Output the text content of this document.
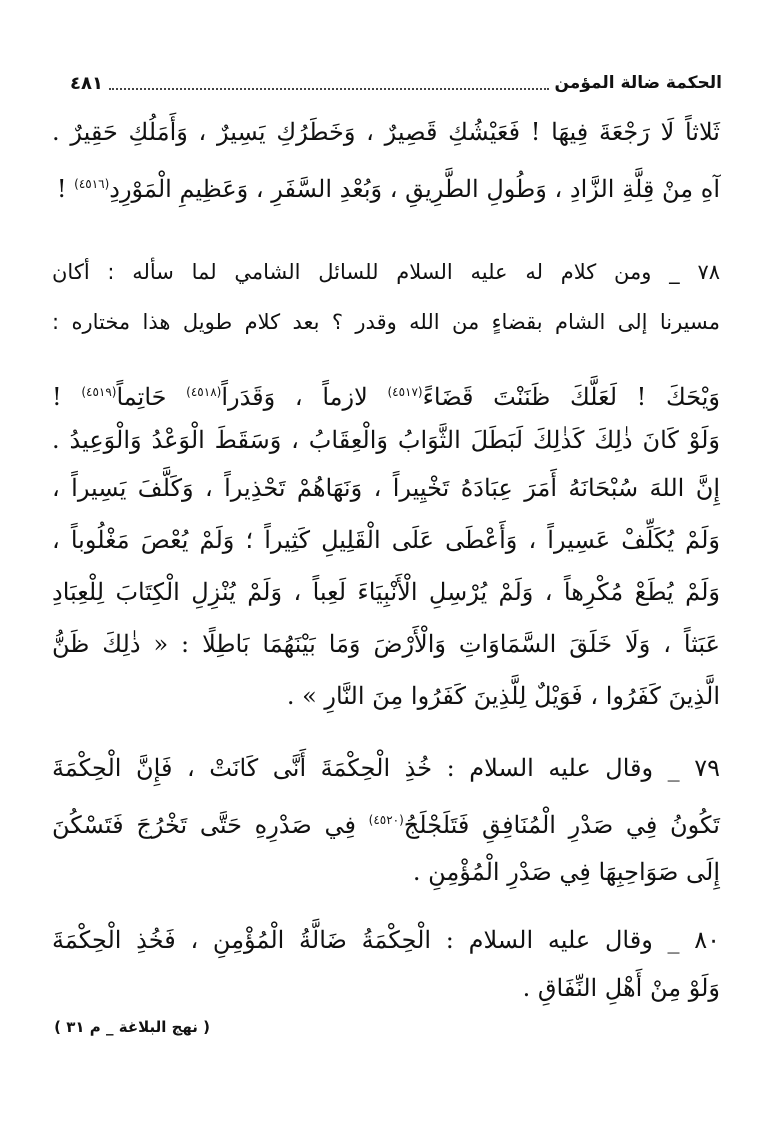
الحكمة ضالة المؤمن
٤٨١
ثَلاثاً لَا رَجْعَةَ فِيهَا ! فَعَيْشُكِ قَصِيرٌ ، وَخَطَرُكِ يَسِيرٌ ، وَأَمَلُكِ حَقِيرٌ .
آهِ مِنْ قِلَّةِ الزَّادِ ، وَطُولِ الطَّرِيقِ ، وَبُعْدِ السَّفَرِ ، وَعَظِيمِ الْمَوْرِدِ$^{(٤٥١٦)}$ !
٧٨ _ ومن كلام له عليه السلام للسائل الشامي لما سأله : أكان
مسيرنا إلى الشام بقضاءٍ من الله وقدر ؟ بعد كلام طويل هذا مختاره :
وَيْحَكَ ! لَعَلَّكَ ظَنَنْتَ قَضَاءً$^{(٤٥١٧)}$ لازماً ، وَقَدَراً$^{(٤٥١٨)}$ حَاتِماً$^{(٤٥١٩)}$ !
وَلَوْ كَانَ ذٰلِكَ كَذٰلِكَ لَبَطَلَ الثَّوَابُ وَالْعِقَابُ ، وَسَقَطَ الْوَعْدُ وَالْوَعِيدُ .
إِنَّ اللهَ سُبْحَانَهُ أَمَرَ عِبَادَهُ تَخْيِيراً ، وَنَهَاهُمْ تَحْذِيراً ، وَكَلَّفَ يَسِيراً ،
وَلَمْ يُكَلِّفْ عَسِيراً ، وَأَعْطَى عَلَى الْقَلِيلِ كَثِيراً ؛ وَلَمْ يُعْصَ مَغْلُوباً ،
وَلَمْ يُطَعْ مُكْرِهاً ، وَلَمْ يُرْسِلِ الْأَنْبِيَاءَ لَعِباً ، وَلَمْ يُنْزِلِ الْكِتَابَ لِلْعِبَادِ
عَبَثاً ، وَلَا خَلَقَ السَّمَاوَاتِ وَالْأَرْضَ وَمَا بَيْنَهُمَا بَاطِلًا : « ذٰلِكَ ظَنُّ
الَّذِينَ كَفَرُوا ، فَوَيْلٌ لِلَّذِينَ كَفَرُوا مِنَ النَّارِ » .
٧٩ _ وقال عليه السلام : خُذِ الْحِكْمَةَ أَنَّى كَانَتْ ، فَإِنَّ الْحِكْمَةَ
تَكُونُ فِي صَدْرِ الْمُنَافِقِ فَتَلَجْلَجُ$^{(٤٥٢٠)}$ فِي صَدْرِهِ حَتَّى تَخْرُجَ فَتَسْكُنَ
إِلَى صَوَاحِبِهَا فِي صَدْرِ الْمُؤْمِنِ .
٨٠ _ وقال عليه السلام : الْحِكْمَةُ ضَالَّةُ الْمُؤْمِنِ ، فَخُذِ الْحِكْمَةَ
وَلَوْ مِنْ أَهْلِ النِّفَاقِ .
( نهج البلاغة _ م ٣١ )
